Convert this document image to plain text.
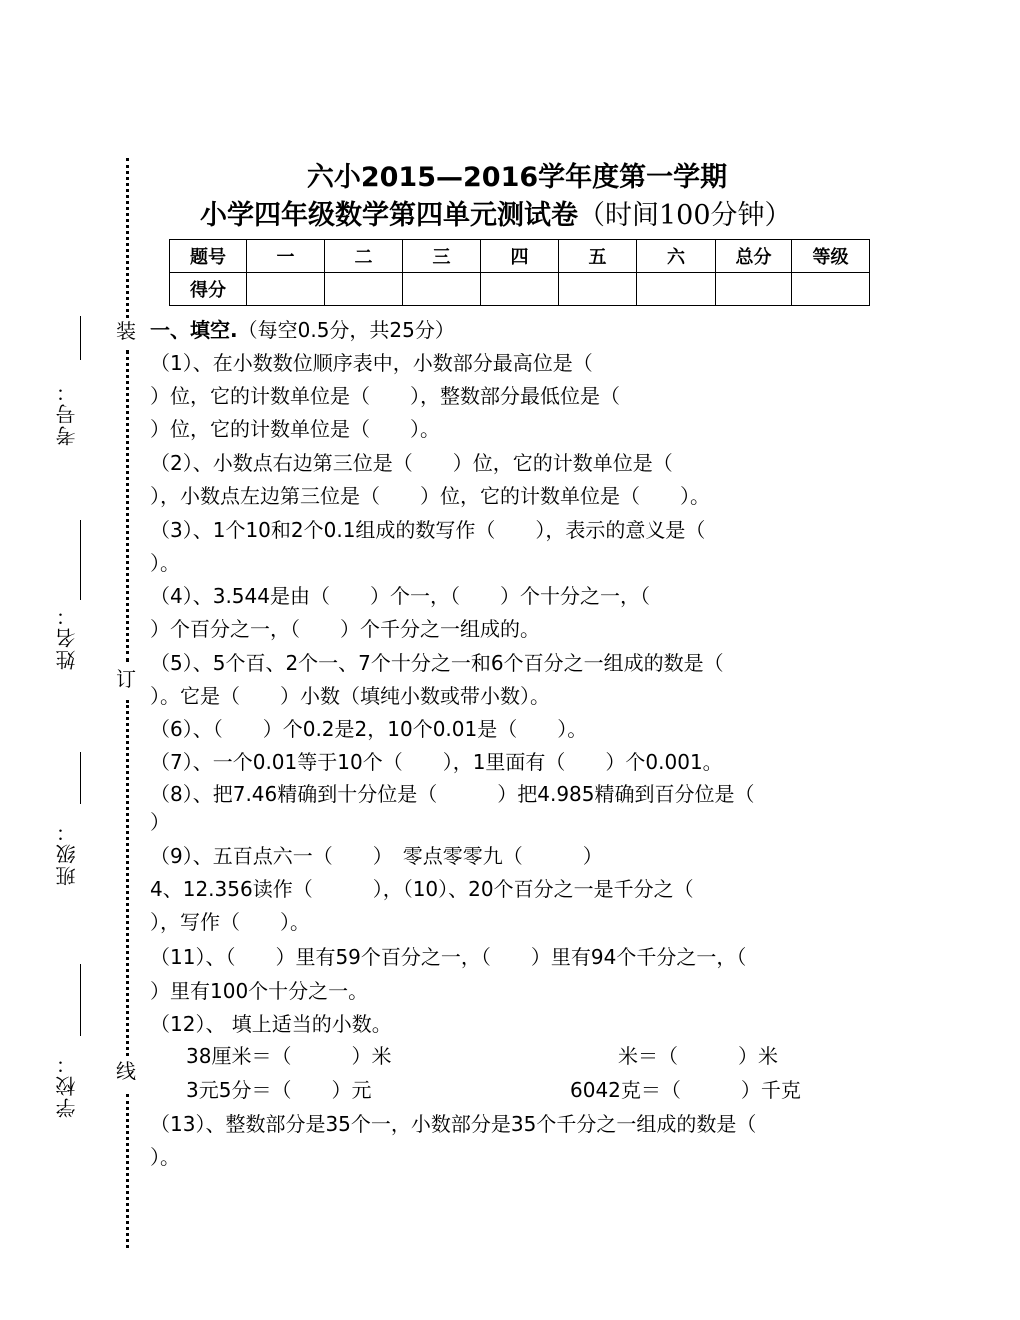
装
订
线
考号：
姓名：
班级：
学校：
六小2015—2016学年度第一学期
小学四年级数学第四单元测试卷（时间100分钟）
题号	一	二	三	四	五	六	总分	等级
得分								
一、填空.（每空0.5分，共25分）
（1）、在小数数位顺序表中，小数部分最高位是（
）位，它的计数单位是（　　），整数部分最低位是（
）位，它的计数单位是（　　）。
（2）、小数点右边第三位是（　　）位，它的计数单位是（
），小数点左边第三位是（　　）位，它的计数单位是（　　）。
（3）、1个10和2个0.1组成的数写作（　　），表示的意义是（
）。
（4）、3.544是由（　　）个一，（　　）个十分之一，（
）个百分之一，（　　）个千分之一组成的。
（5）、5个百、2个一、7个十分之一和6个百分之一组成的数是（
）。它是（　　）小数（填纯小数或带小数）。
（6）、（　　）个0.2是2，10个0.01是（　　）。
（7）、一个0.01等于10个（　　），1里面有（　　）个0.001。
（8）、把7.46精确到十分位是（　　　）把4.985精确到百分位是（
）
（9）、五百点六一（　　）　零点零零九（　　　）
4、12.356读作（　　　），（10）、20个百分之一是千分之（
），写作（　　）。
（11）、（　　）里有59个百分之一，（　　）里有94个千分之一，（
）里有100个十分之一。
（12）、 填上适当的小数。
38厘米＝（　　　）米	米＝（　　　）米
3元5分＝（　　）元	6042克＝（　　　）千克
（13）、整数部分是35个一，小数部分是35个千分之一组成的数是（
）。
